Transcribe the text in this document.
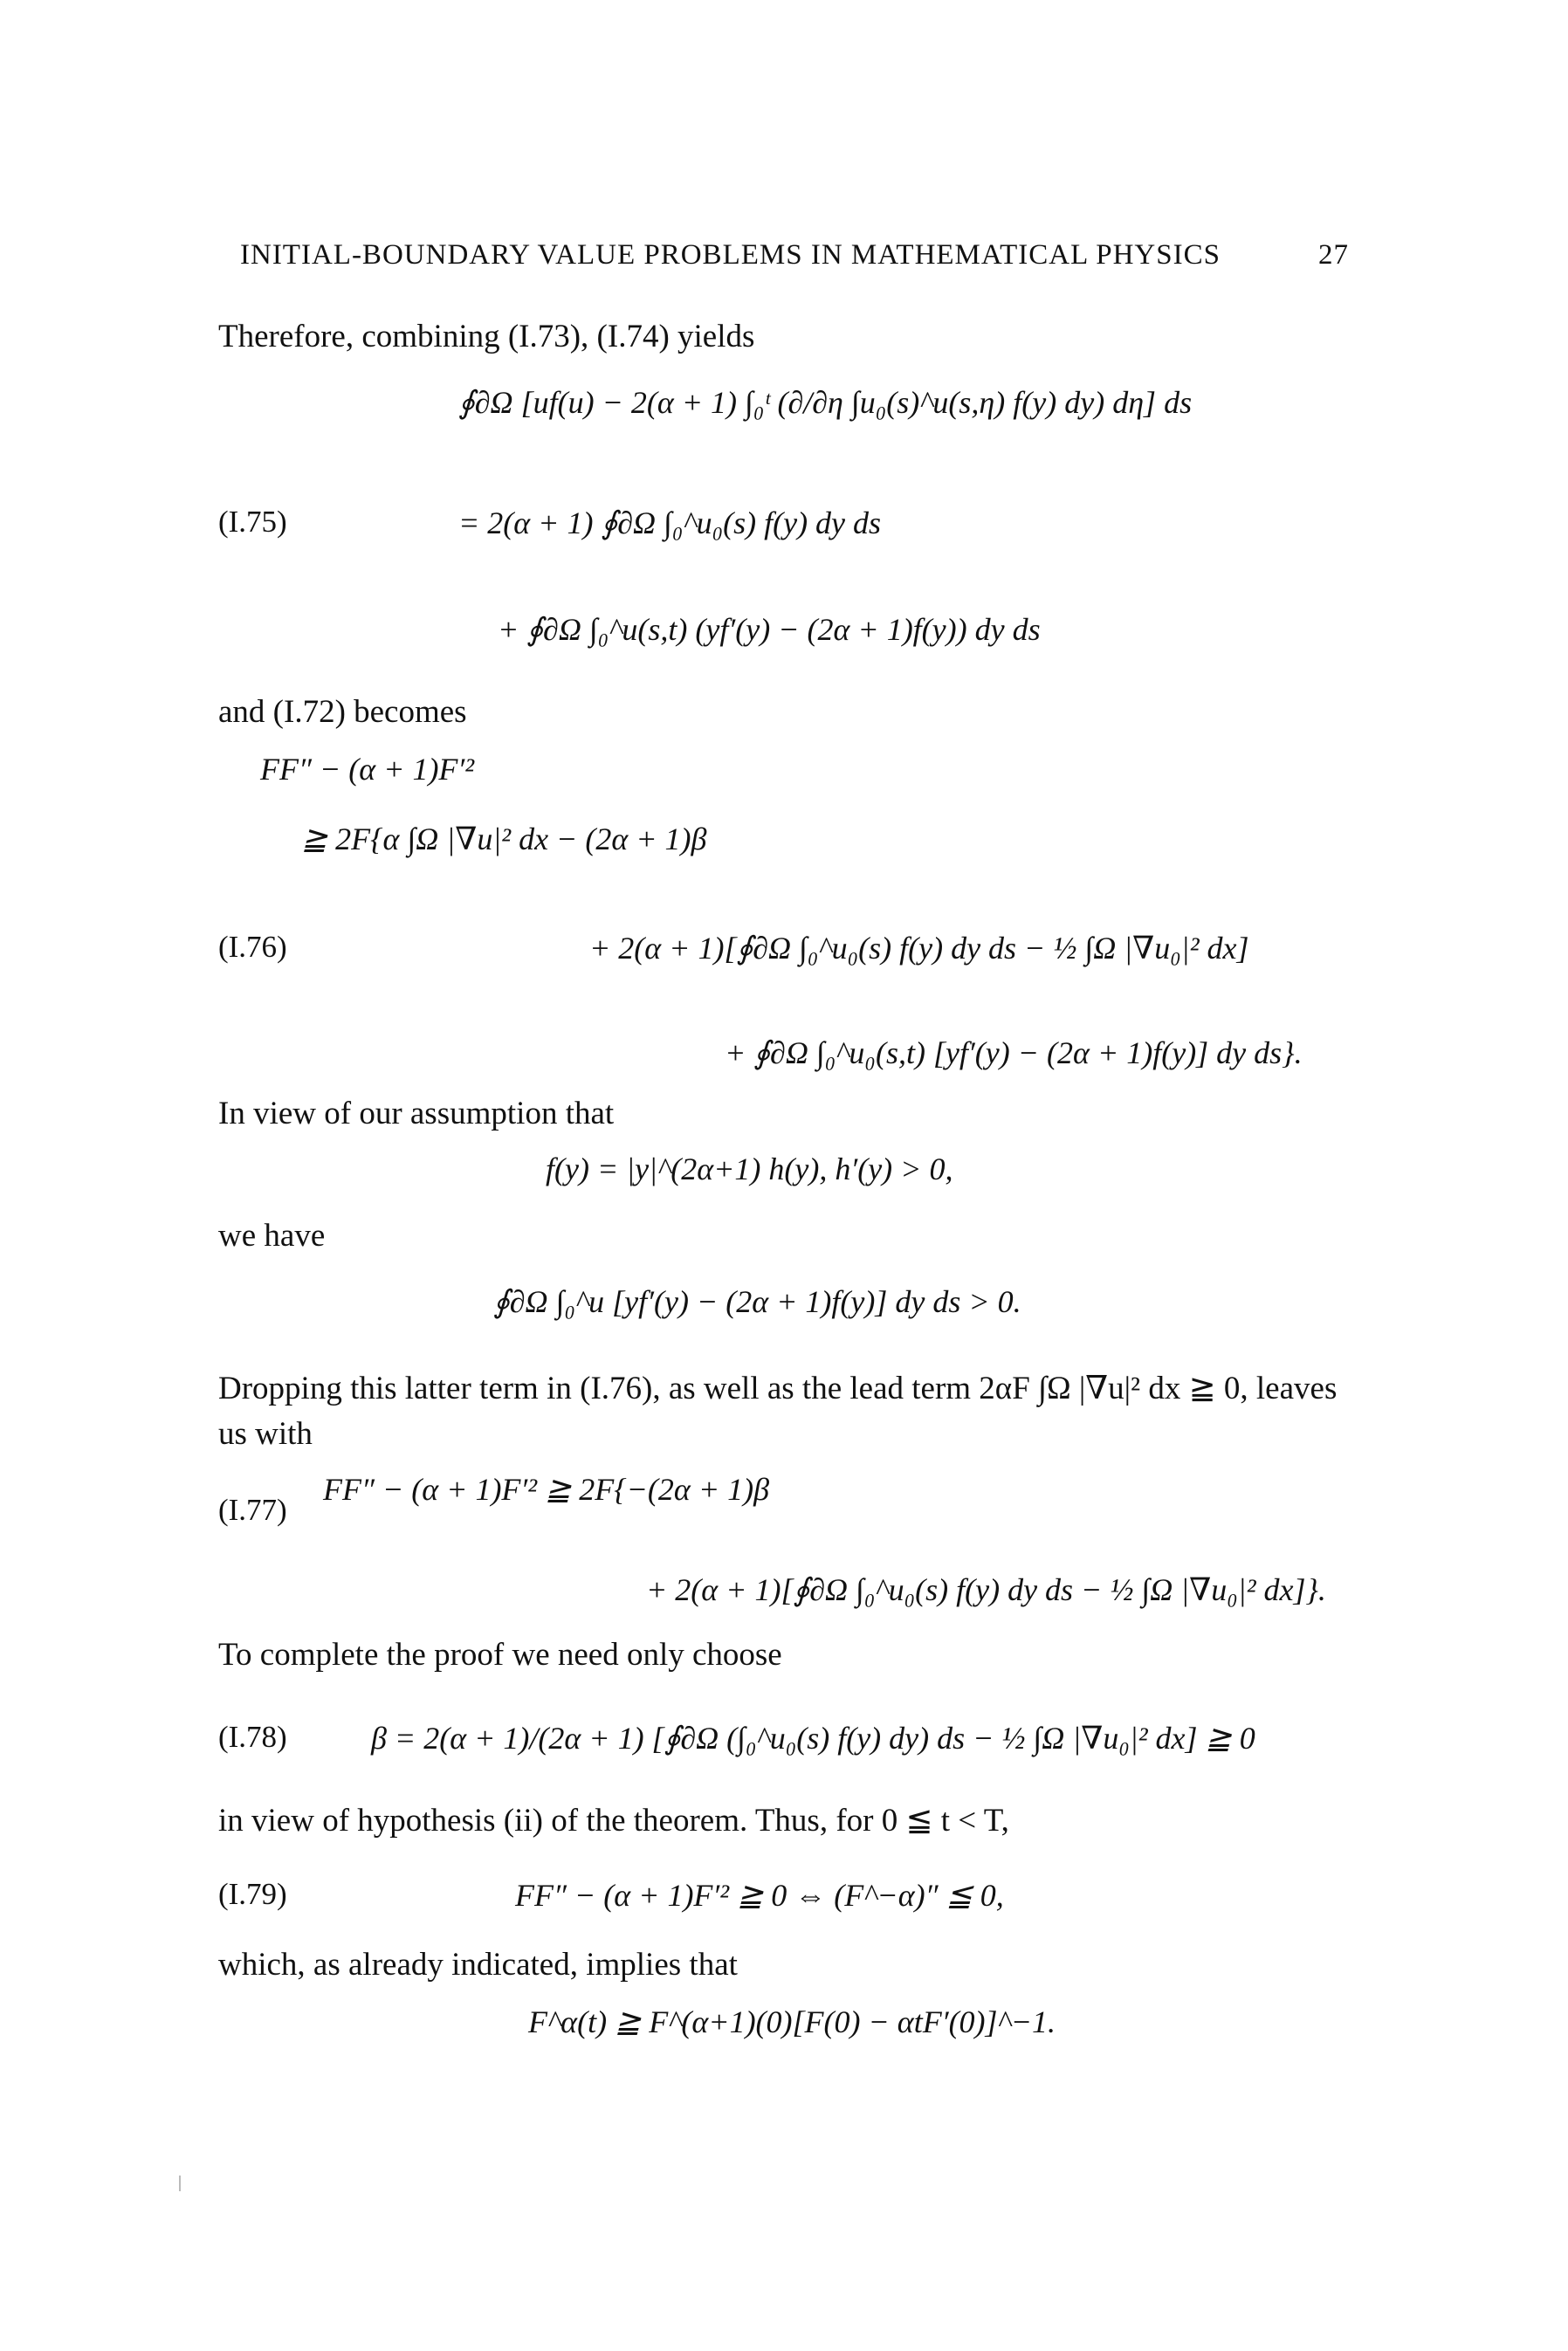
INITIAL-BOUNDARY VALUE PROBLEMS IN MATHEMATICAL PHYSICS	27
Therefore, combining (I.73), (I.74) yields
∮∂Ω [uf(u) − 2(α + 1) ∫₀ᵗ (∂/∂η ∫u₀(s)^u(s,η) f(y) dy) dη] ds
(I.75)	= 2(α + 1) ∮∂Ω ∫₀^u₀(s) f(y) dy ds
+ ∮∂Ω ∫₀^u(s,t) (yf′(y) − (2α + 1)f(y)) dy ds
and (I.72) becomes
FF″ − (α + 1)F′²
≧ 2F{α ∫Ω |∇u|² dx − (2α + 1)β
(I.76)	+ 2(α + 1)[∮∂Ω ∫₀^u₀(s) f(y) dy ds − ½ ∫Ω |∇u₀|² dx]
+ ∮∂Ω ∫₀^u₀(s,t) [yf′(y) − (2α + 1)f(y)] dy ds}.
In view of our assumption that
f(y) = |y|^(2α+1) h(y), h′(y) > 0,
we have
∮∂Ω ∫₀^u [yf′(y) − (2α + 1)f(y)] dy ds > 0.
Dropping this latter term in (I.76), as well as the lead term 2αF ∫Ω |∇u|² dx ≧ 0, leaves us with
(I.77)
FF″ − (α + 1)F′² ≧ 2F{−(2α + 1)β
+ 2(α + 1)[∮∂Ω ∫₀^u₀(s) f(y) dy ds − ½ ∫Ω |∇u₀|² dx]}.
To complete the proof we need only choose
(I.78)	β = 2(α + 1)/(2α + 1) [∮∂Ω (∫₀^u₀(s) f(y) dy) ds − ½ ∫Ω |∇u₀|² dx] ≧ 0
in view of hypothesis (ii) of the theorem. Thus, for 0 ≦ t < T,
(I.79)	FF″ − (α + 1)F′² ≧ 0 ⇔ (F^−α)″ ≦ 0,
which, as already indicated, implies that
F^α(t) ≧ F^(α+1)(0)[F(0) − αtF′(0)]^−1.
